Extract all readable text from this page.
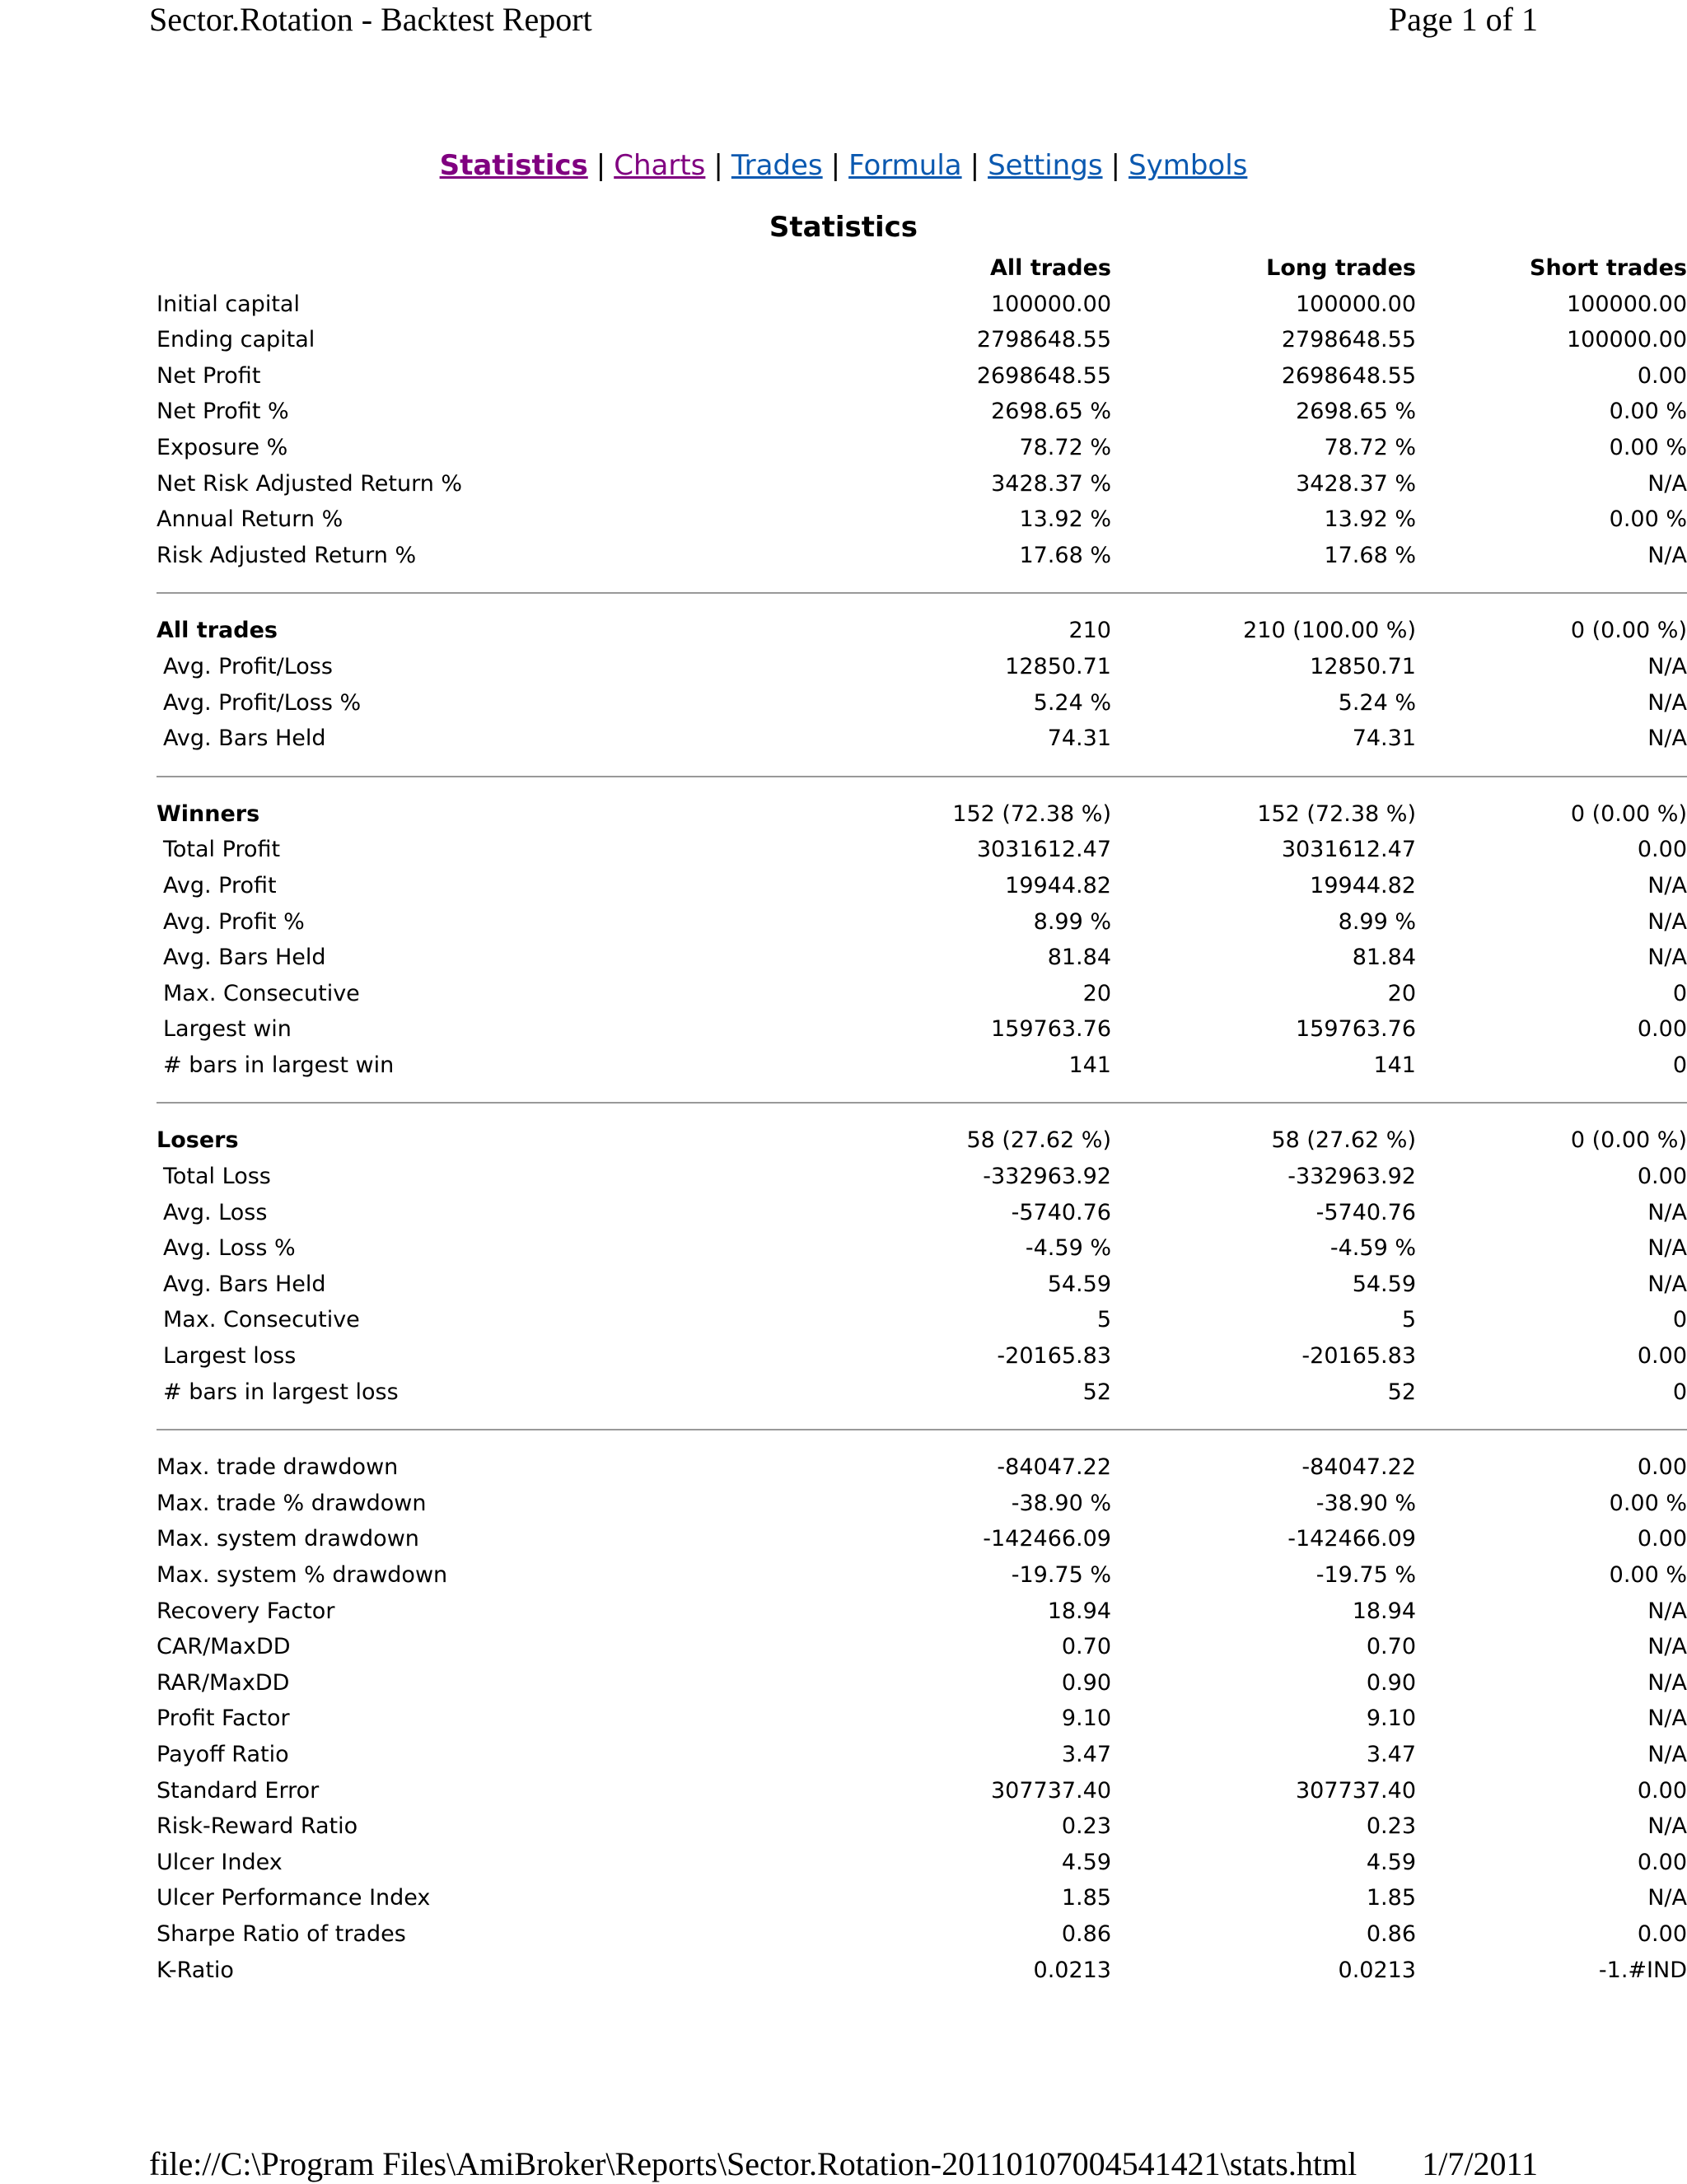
Sector.Rotation - Backtest Report	Page 1 of 1
Statistics | Charts | Trades | Formula | Settings | Symbols
Statistics
	All trades	Long trades	Short trades
Initial capital	100000.00	100000.00	100000.00
Ending capital	2798648.55	2798648.55	100000.00
Net Profit	2698648.55	2698648.55	0.00
Net Profit %	2698.65 %	2698.65 %	0.00 %
Exposure %	78.72 %	78.72 %	0.00 %
Net Risk Adjusted Return %	3428.37 %	3428.37 %	N/A
Annual Return %	13.92 %	13.92 %	0.00 %
Risk Adjusted Return %	17.68 %	17.68 %	N/A

All trades	210	210 (100.00 %)	0 (0.00 %)
Avg. Profit/Loss	12850.71	12850.71	N/A
Avg. Profit/Loss %	5.24 %	5.24 %	N/A
Avg. Bars Held	74.31	74.31	N/A

Winners	152 (72.38 %)	152 (72.38 %)	0 (0.00 %)
Total Profit	3031612.47	3031612.47	0.00
Avg. Profit	19944.82	19944.82	N/A
Avg. Profit %	8.99 %	8.99 %	N/A
Avg. Bars Held	81.84	81.84	N/A
Max. Consecutive	20	20	0
Largest win	159763.76	159763.76	0.00
# bars in largest win	141	141	0

Losers	58 (27.62 %)	58 (27.62 %)	0 (0.00 %)
Total Loss	-332963.92	-332963.92	0.00
Avg. Loss	-5740.76	-5740.76	N/A
Avg. Loss %	-4.59 %	-4.59 %	N/A
Avg. Bars Held	54.59	54.59	N/A
Max. Consecutive	5	5	0
Largest loss	-20165.83	-20165.83	0.00
# bars in largest loss	52	52	0

Max. trade drawdown	-84047.22	-84047.22	0.00
Max. trade % drawdown	-38.90 %	-38.90 %	0.00 %
Max. system drawdown	-142466.09	-142466.09	0.00
Max. system % drawdown	-19.75 %	-19.75 %	0.00 %
Recovery Factor	18.94	18.94	N/A
CAR/MaxDD	0.70	0.70	N/A
RAR/MaxDD	0.90	0.90	N/A
Profit Factor	9.10	9.10	N/A
Payoff Ratio	3.47	3.47	N/A
Standard Error	307737.40	307737.40	0.00
Risk-Reward Ratio	0.23	0.23	N/A
Ulcer Index	4.59	4.59	0.00
Ulcer Performance Index	1.85	1.85	N/A
Sharpe Ratio of trades	0.86	0.86	0.00
K-Ratio	0.0213	0.0213	-1.#IND
file://C:\Program Files\AmiBroker\Reports\Sector.Rotation-20110107004541421\stats.html 1/7/2011
